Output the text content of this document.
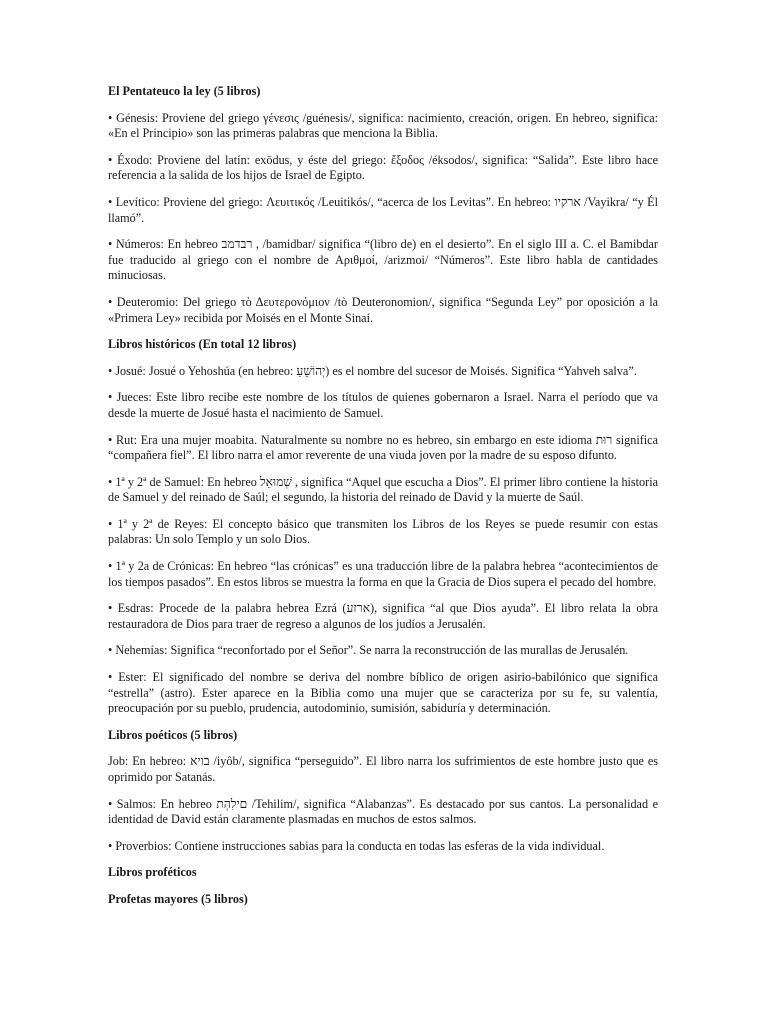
El Pentateuco la ley (5 libros)

• Génesis: Proviene del griego γένεσις /guénesis/, significa: nacimiento, creación, origen. En hebreo, significa: «En el Principio» son las primeras palabras que menciona la Biblia.

• Éxodo: Proviene del latín: exōdus, y éste del griego: ἔξοδος /éksodos/, significa: “Salida”. Este libro hace referencia a la salida de los hijos de Israel de Egipto.

• Levítico: Proviene del griego: Λευιτικός /Leuitikós/, “acerca de los Levitas”. En hebreo: ארקיו /Vayikra/ “y Él llamó”.

• Números: En hebreo רבדמב , /bamidbar/ significa “(libro de) en el desierto”. En el siglo III a. C. el Bamibdar fue traducido al griego con el nombre de Αριθμοί, /arizmoi/ “Números”. Este libro habla de cantidades minuciosas.

• Deuteromio: Del griego τὸ Δευτερονόμιον /tò Deuteronomion/, significa “Segunda Ley” por oposición a la «Primera Ley» recibida por Moisés en el Monte Sinaí.

Libros históricos (En total 12 libros)

• Josué: Josué o Yehoshúa (en hebreo: יְהוֹשֻׁעַ) es el nombre del sucesor de Moisés. Significa “Yahveh salva”.

• Jueces: Este libro recibe este nombre de los títulos de quienes gobernaron a Israel. Narra el período que va desde la muerte de Josué hasta el nacimiento de Samuel.

• Rut: Era una mujer moabita. Naturalmente su nombre no es hebreo, sin embargo en este idioma רוּת significa “compañera fiel”. El libro narra el amor reverente de una viuda joven por la madre de su esposo difunto.

• 1ª y 2ª de Samuel: En hebreo שְׁמוּאֵל , significa “Aquel que escucha a Dios”. El primer libro contiene la historia de Samuel y del reinado de Saúl; el segundo, la historia del reinado de David y la muerte de Saúl.

• 1ª y 2ª de Reyes: El concepto básico que transmiten los Libros de los Reyes se puede resumir con estas palabras: Un solo Templo y un solo Dios.

• 1ª y 2a de Crónicas: En hebreo “las crónicas” es una traducción libre de la palabra hebrea “acontecimientos de los tiempos pasados”. En estos libros se muestra la forma en que la Gracia de Dios supera el pecado del hombre.

• Esdras: Procede de la palabra hebrea Ezrá (ארזע), significa “al que Dios ayuda”. El libro relata la obra restauradora de Dios para traer de regreso a algunos de los judíos a Jerusalén.

• Nehemías: Significa “reconfortado por el Señor”. Se narra la reconstrucción de las murallas de Jerusalén.

• Ester: El significado del nombre se deriva del nombre bíblico de origen asirio-babilónico que significa “estrella” (astro). Ester aparece en la Biblia como una mujer que se caracteriza por su fe, su valentía, preocupación por su pueblo, prudencia, autodominio, sumisión, sabiduría y determinación.

Libros poéticos (5 libros)

Job: En hebreo: בויא /iyôb/, significa “perseguido”. El libro narra los sufrimientos de este hombre justo que es oprimido por Satanás.

• Salmos: En hebreo םילִהְת /Tehilim/, significa “Alabanzas”. Es destacado por sus cantos. La personalidad e identidad de David están claramente plasmadas en muchos de estos salmos.

• Proverbios: Contiene instrucciones sabias para la conducta en todas las esferas de la vida individual.

Libros proféticos

Profetas mayores (5 libros)
